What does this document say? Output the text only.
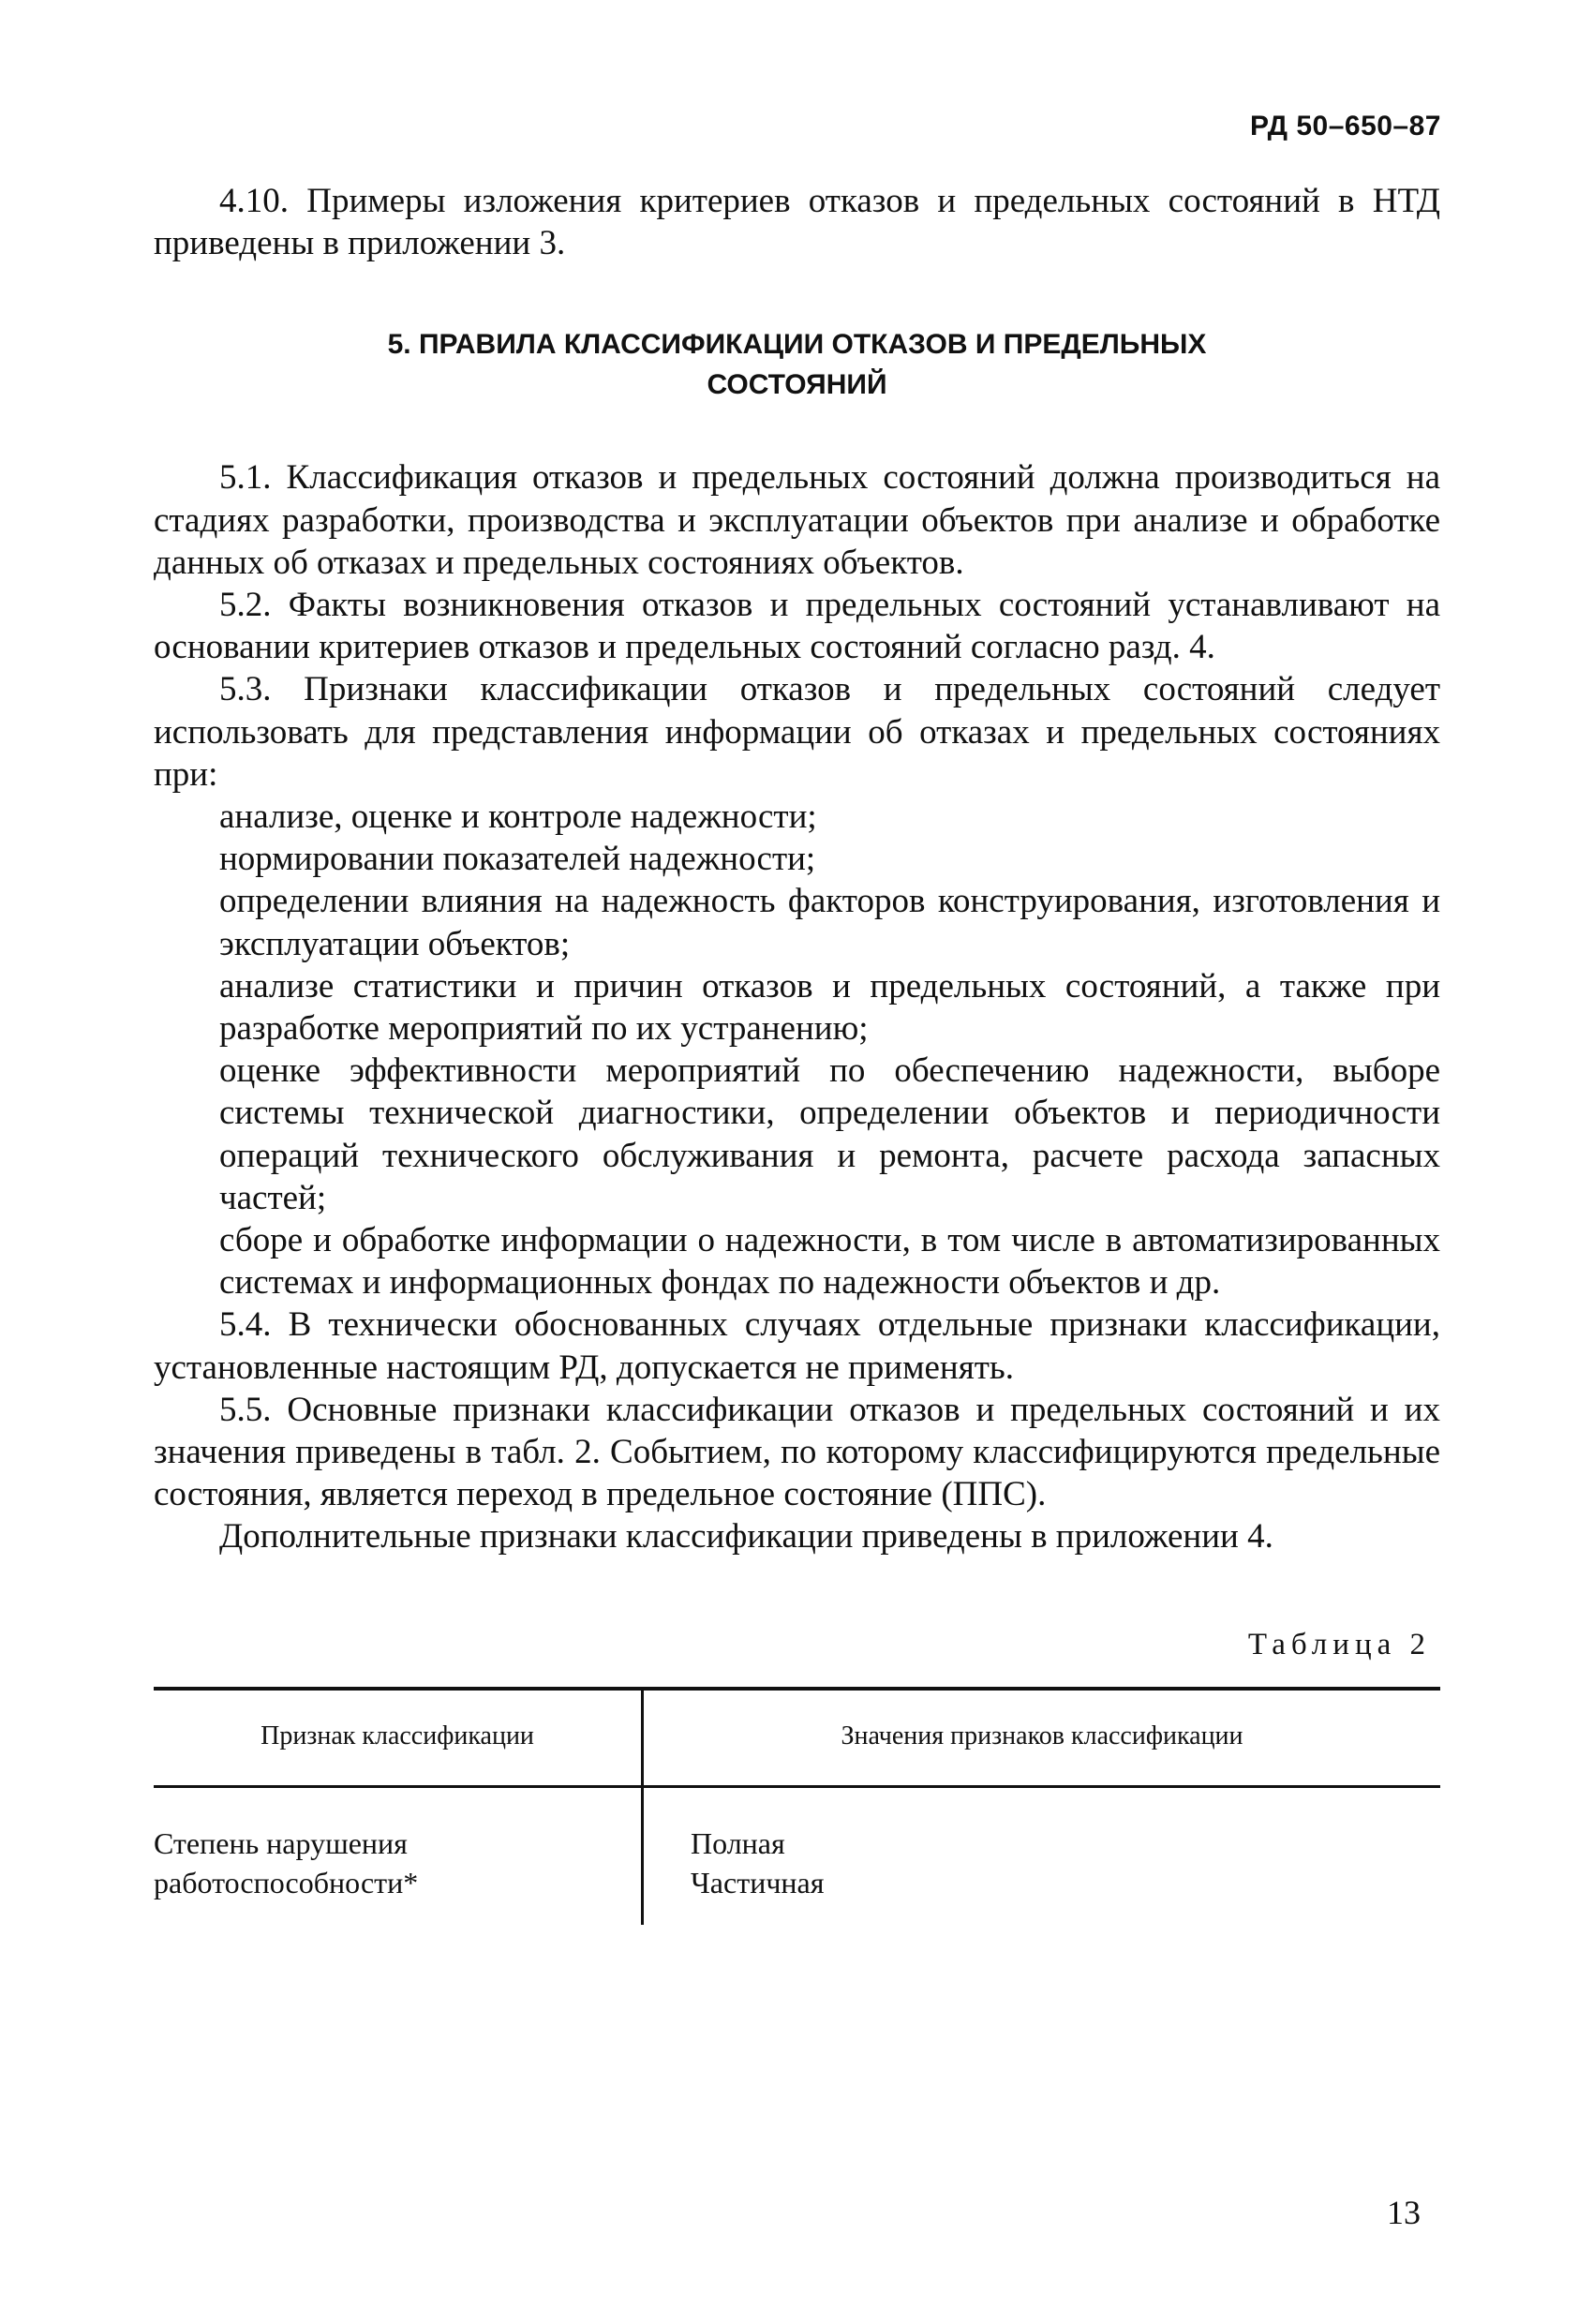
РД 50–650–87

4.10. Примеры изложения критериев отказов и предельных состояний в НТД приведены в приложении 3.

5. ПРАВИЛА КЛАССИФИКАЦИИ ОТКАЗОВ И ПРЕДЕЛЬНЫХ СОСТОЯНИЙ

5.1. Классификация отказов и предельных состояний должна производиться на стадиях разработки, производства и эксплуатации объектов при анализе и обработке данных об отказах и предельных состояниях объектов.

5.2. Факты возникновения отказов и предельных состояний устанавливают на основании критериев отказов и предельных состояний согласно разд. 4.

5.3. Признаки классификации отказов и предельных состояний следует использовать для представления информации об отказах и предельных состояниях при:

анализе, оценке и контроле надежности;

нормировании показателей надежности;

определении влияния на надежность факторов конструирования, изготовления и эксплуатации объектов;

анализе статистики и причин отказов и предельных состояний, а также при разработке мероприятий по их устранению;

оценке эффективности мероприятий по обеспечению надежности, выборе системы технической диагностики, определении объектов и периодичности операций технического обслуживания и ремонта, расчете расхода запасных частей;

сборе и обработке информации о надежности, в том числе в автоматизированных системах и информационных фондах по надежности объектов и др.

5.4. В технически обоснованных случаях отдельные признаки классификации, установленные настоящим РД, допускается не применять.

5.5. Основные признаки классификации отказов и предельных состояний и их значения приведены в табл. 2. Событием, по которому классифицируются предельные состояния, является переход в предельное состояние (ППС).

Дополнительные признаки классификации приведены в приложении 4.

Таблица 2
Признак классификации	Значения признаков классификации
Степень нарушения работоспособности*	Полная
Частичная
13
